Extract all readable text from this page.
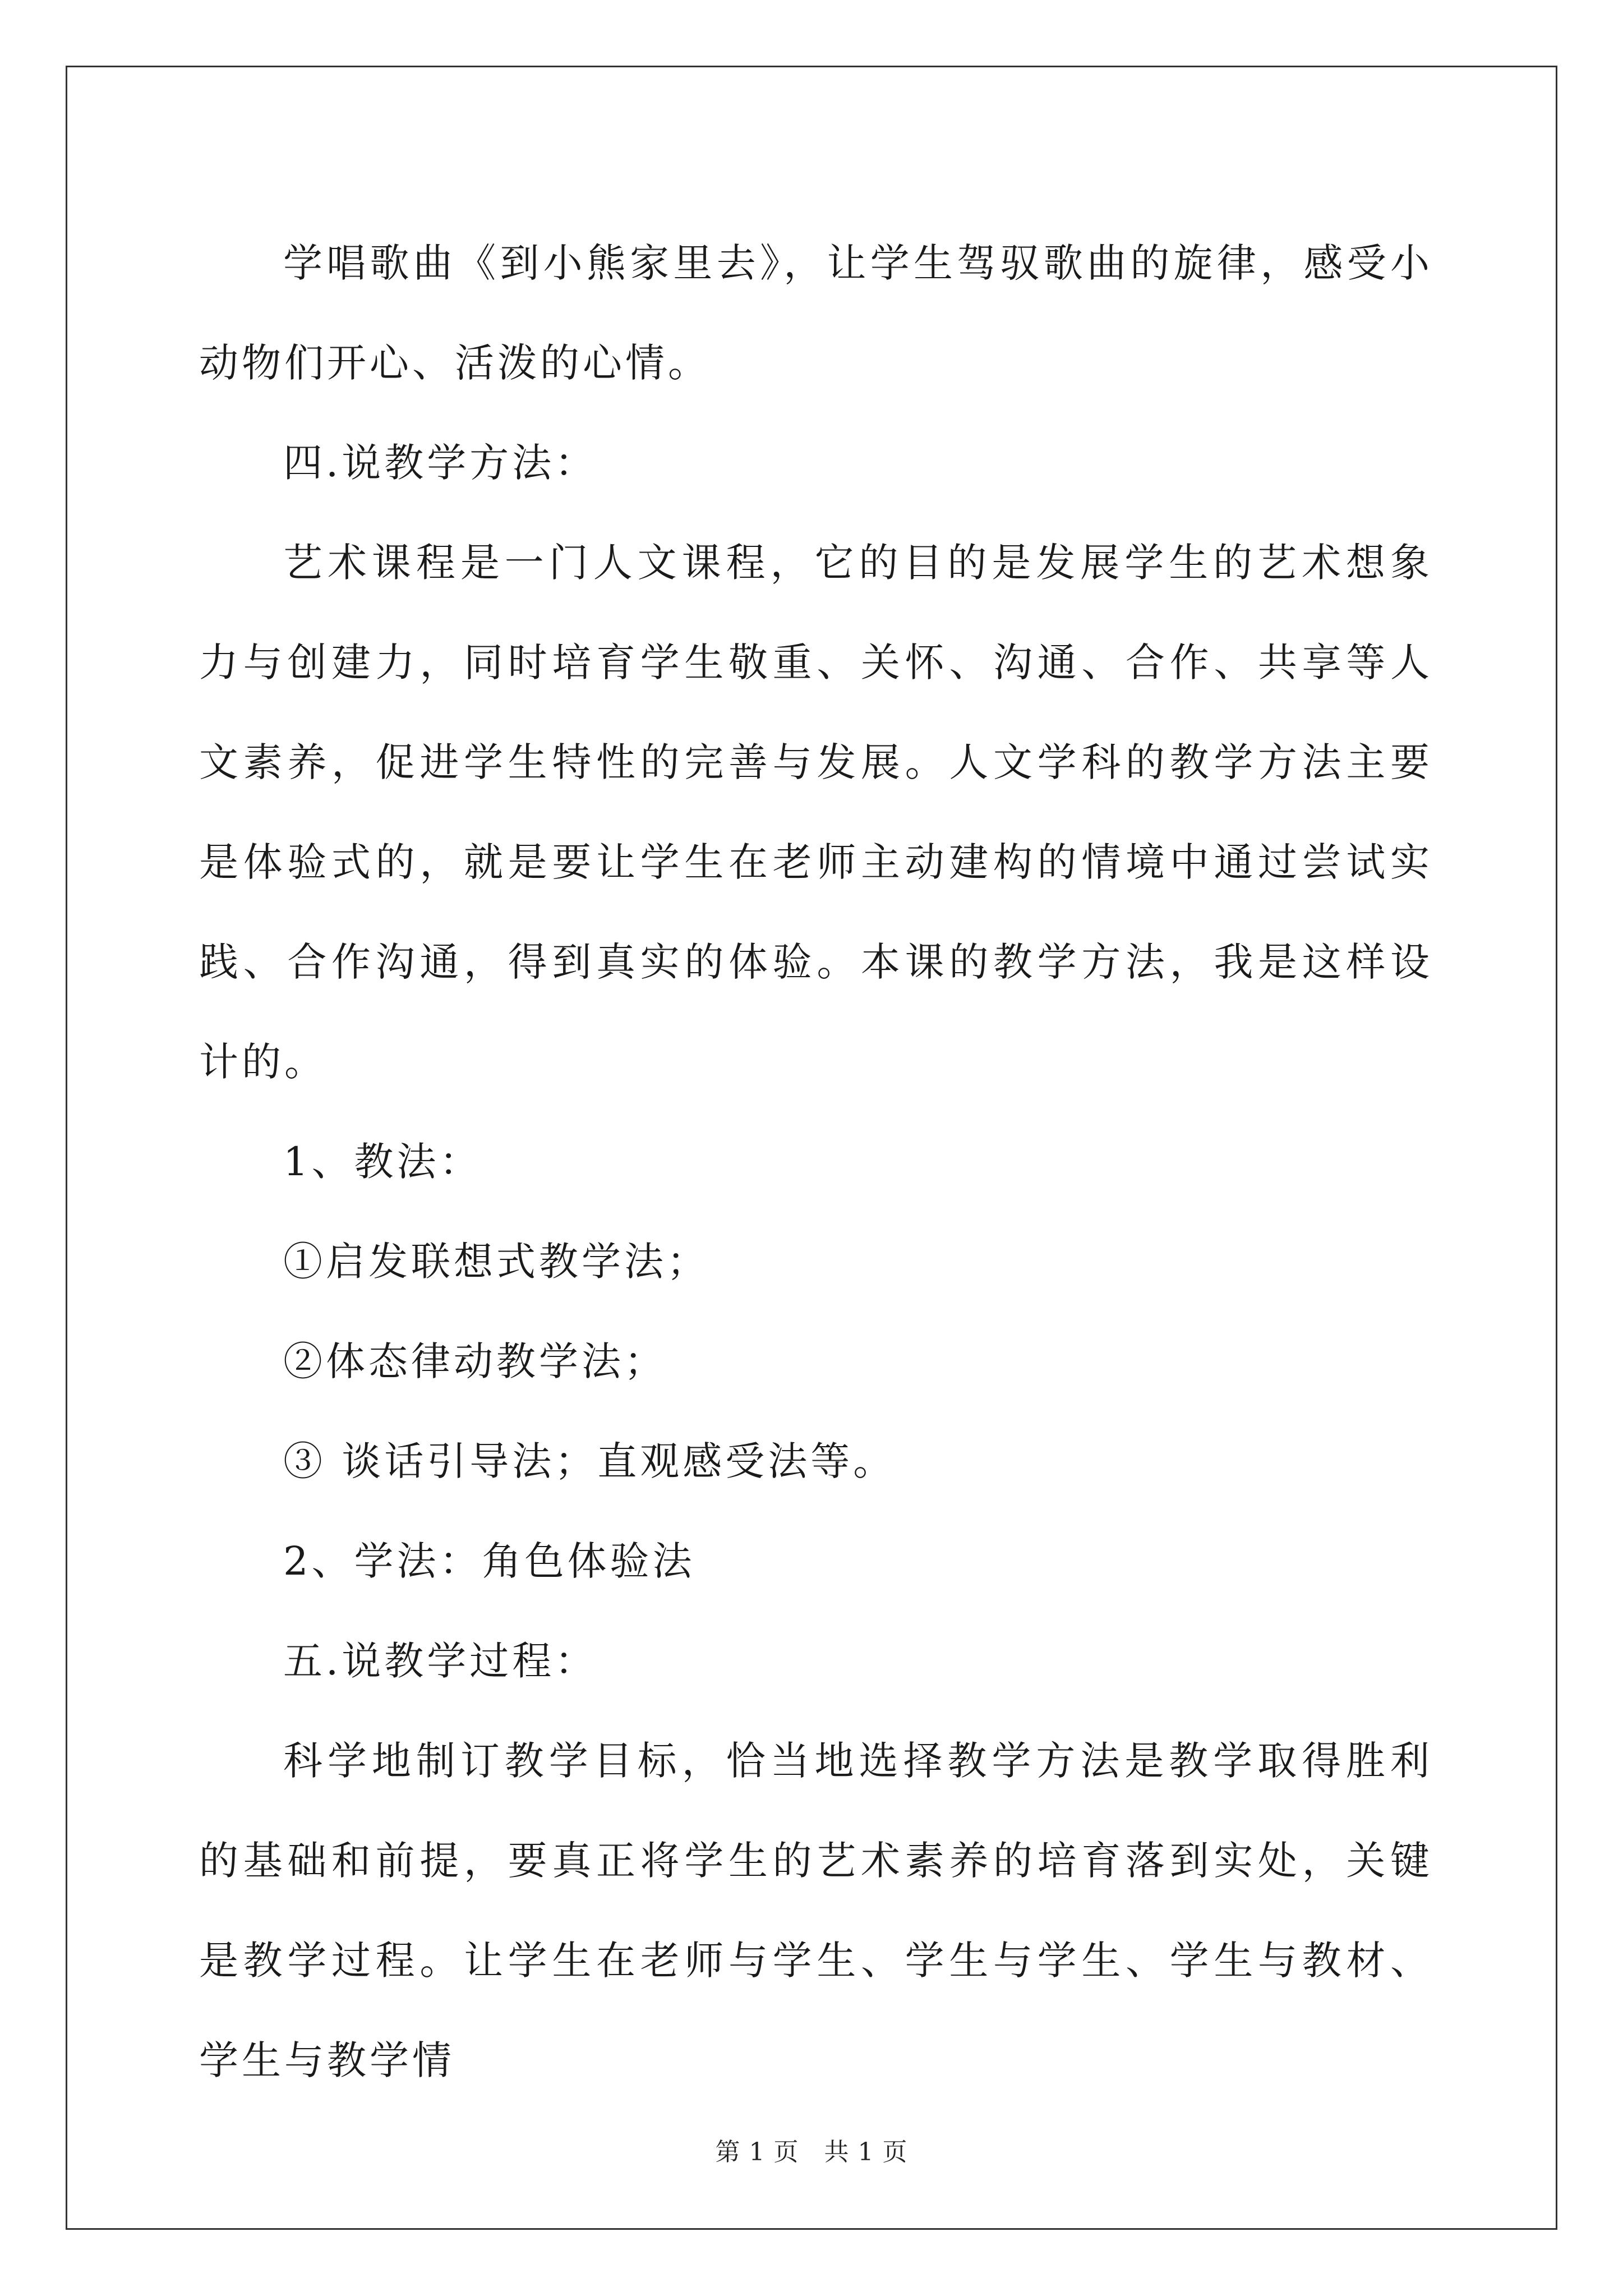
学唱歌曲《到小熊家里去》，让学生驾驭歌曲的旋律，感受小动物们开心、活泼的心情。

四.说教学方法：

艺术课程是一门人文课程，它的目的是发展学生的艺术想象力与创建力，同时培育学生敬重、关怀、沟通、合作、共享等人文素养，促进学生特性的完善与发展。人文学科的教学方法主要是体验式的，就是要让学生在老师主动建构的情境中通过尝试实践、合作沟通，得到真实的体验。本课的教学方法，我是这样设计的。

1、教法：

①启发联想式教学法；

②体态律动教学法；

③ 谈话引导法；直观感受法等。

2、学法：角色体验法

五.说教学过程：

科学地制订教学目标，恰当地选择教学方法是教学取得胜利的基础和前提，要真正将学生的艺术素养的培育落到实处，关键是教学过程。让学生在老师与学生、学生与学生、学生与教材、学生与教学情

第 1 页　共 1 页
